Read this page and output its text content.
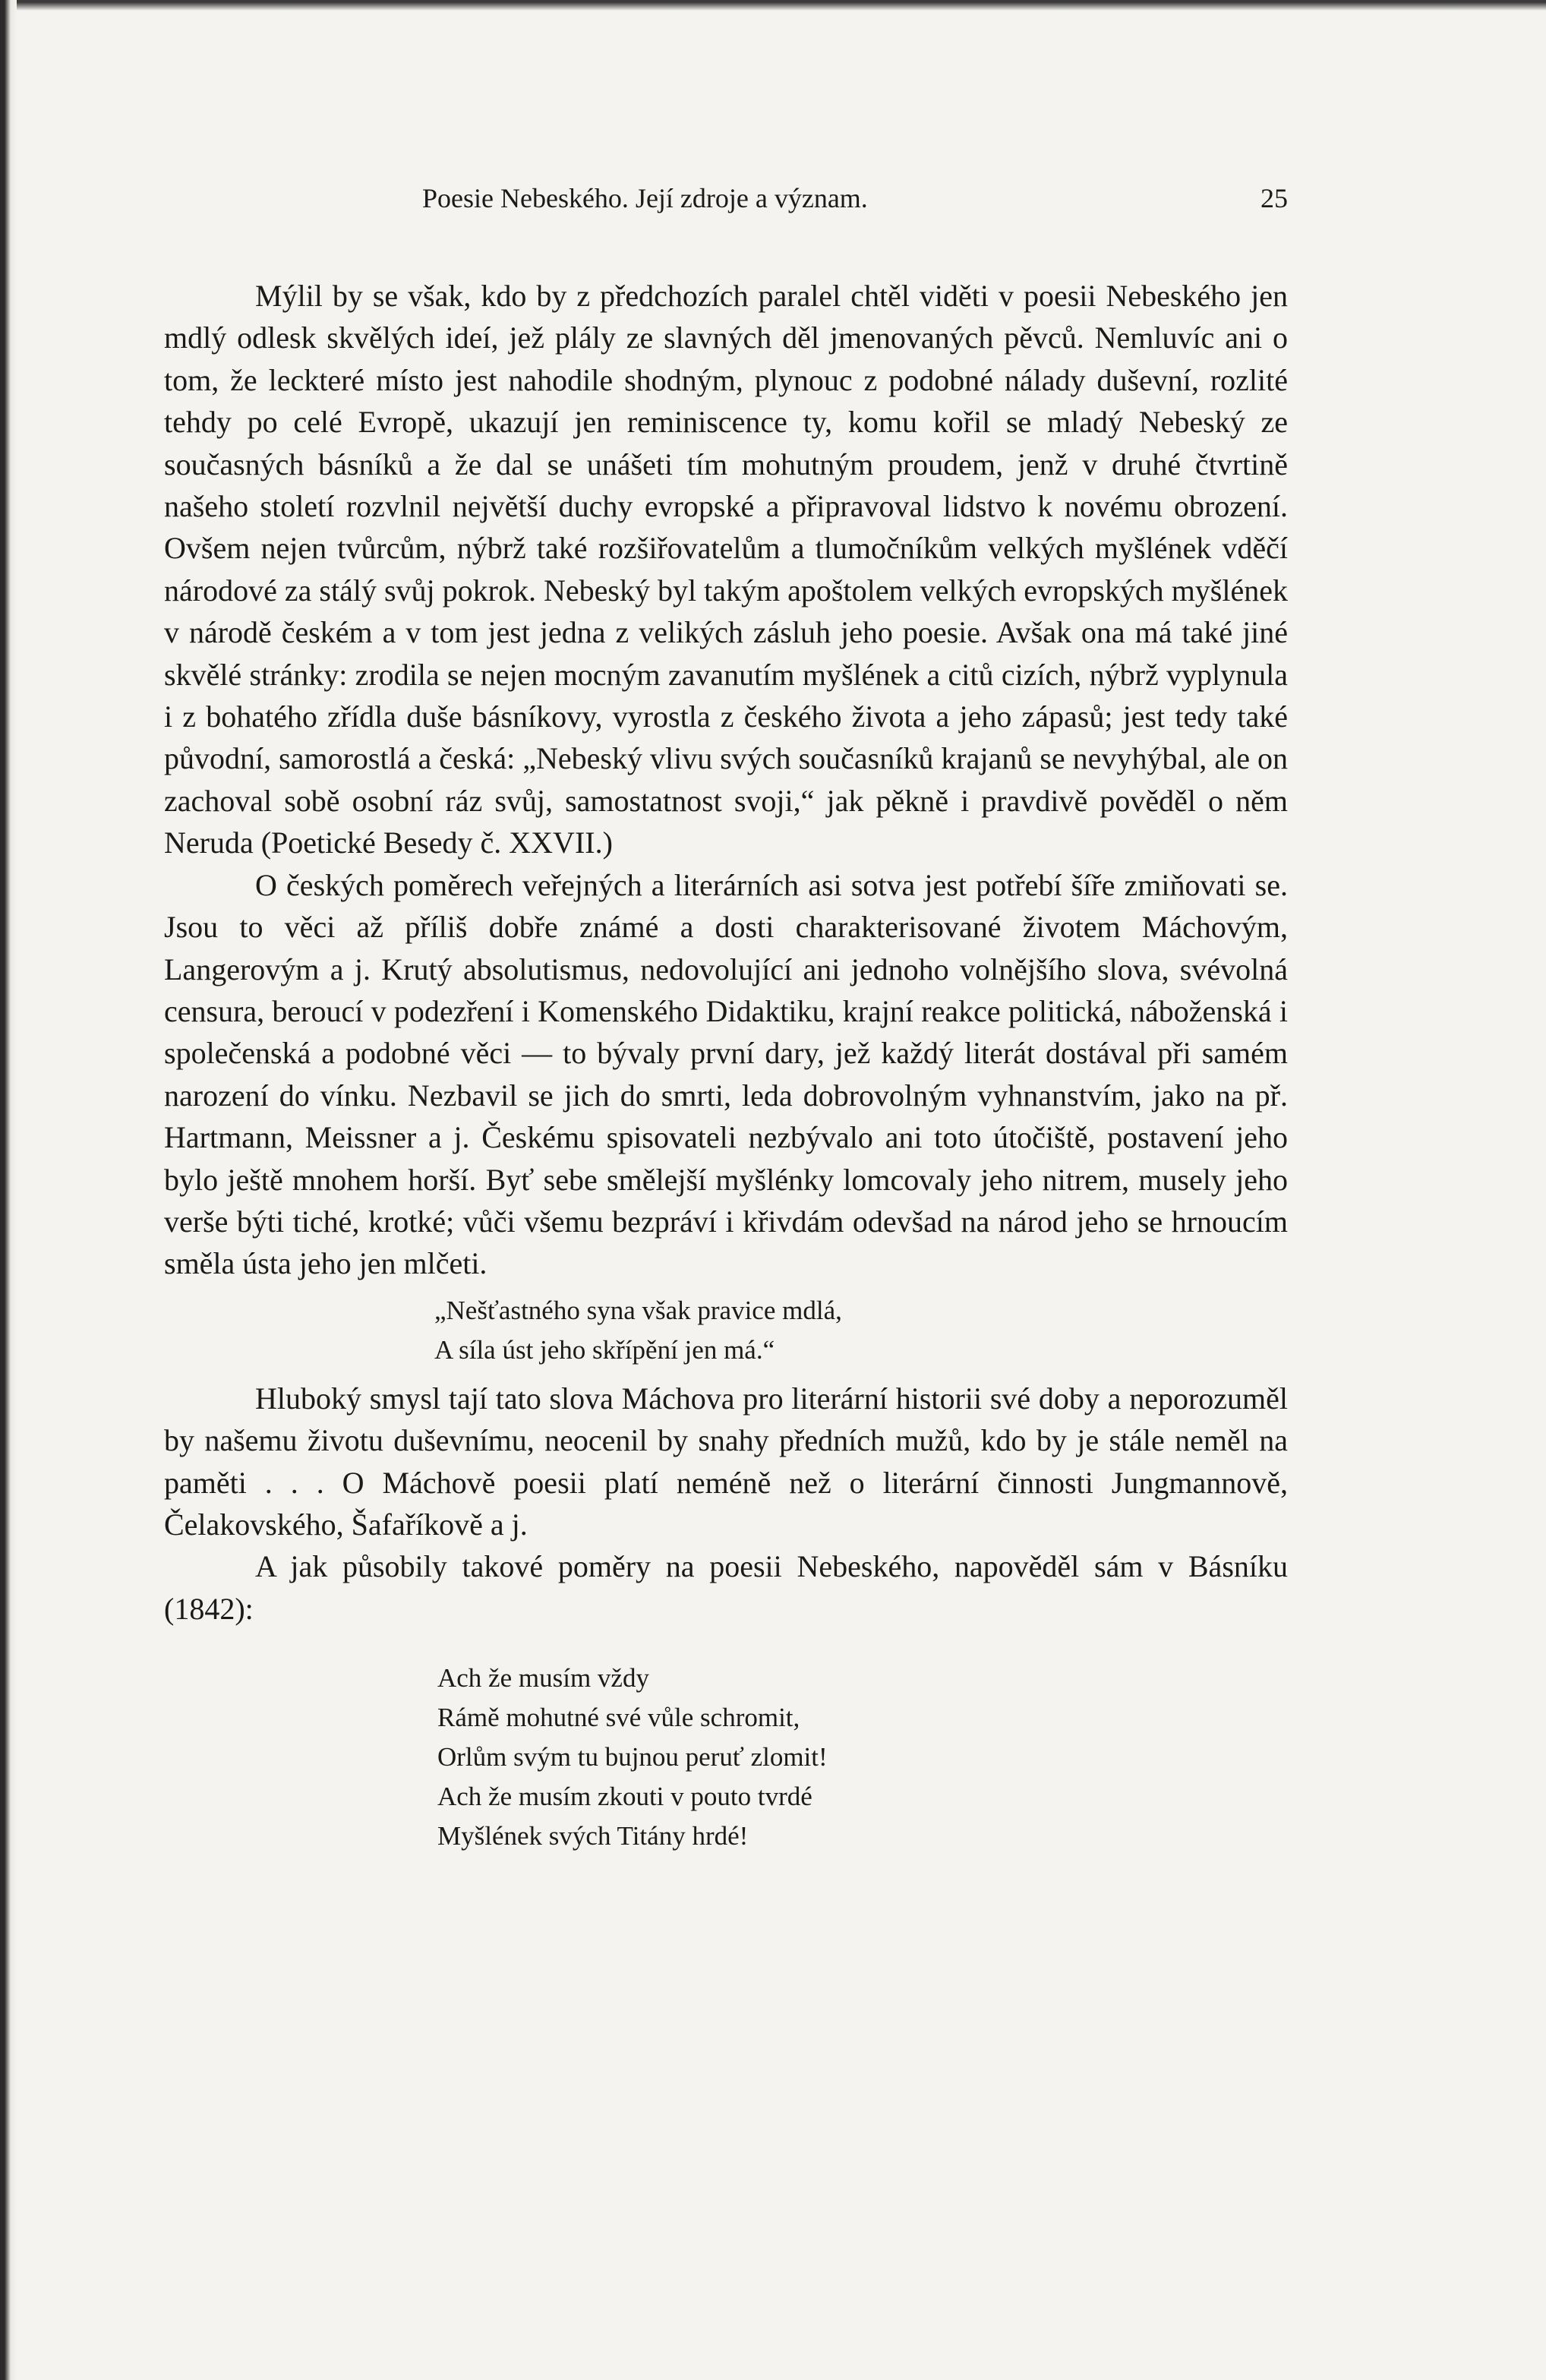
Poesie Nebeského. Její zdroje a význam.	25

Mýlil by se však, kdo by z předchozích paralel chtěl viděti v poesii Nebeského jen mdlý odlesk skvělých ideí, jež plály ze slavných děl jmenovaných pěvců. Nemluvíc ani o tom, že leckteré místo jest nahodile shodným, plynouc z podobné nálady duševní, rozlité tehdy po celé Evropě, ukazují jen reminiscence ty, komu kořil se mladý Nebeský ze současných básníků a že dal se unášeti tím mohutným proudem, jenž v druhé čtvrtině našeho století rozvlnil největší duchy evropské a připravoval lidstvo k novému obrození. Ovšem nejen tvůrcům, nýbrž také rozšiřovatelům a tlumočníkům velkých myšlének vděčí národové za stálý svůj pokrok. Nebeský byl takým apoštolem velkých evropských myšlének v národě českém a v tom jest jedna z velikých zásluh jeho poesie. Avšak ona má také jiné skvělé stránky: zrodila se nejen mocným zavanutím myšlének a citů cizích, nýbrž vyplynula i z bohatého zřídla duše básníkovy, vyrostla z českého života a jeho zápasů; jest tedy také původní, samorostlá a česká: „Nebeský vlivu svých současníků krajanů se nevyhýbal, ale on zachoval sobě osobní ráz svůj, samostatnost svoji,“ jak pěkně i pravdivě pověděl o něm Neruda (Poetické Besedy č. XXVII.)

O českých poměrech veřejných a literárních asi sotva jest potřebí šíře zmiňovati se. Jsou to věci až příliš dobře známé a dosti charakterisované životem Máchovým, Langerovým a j. Krutý absolutismus, nedovolující ani jednoho volnějšího slova, svévolná censura, beroucí v podezření i Komenského Didaktiku, krajní reakce politická, náboženská i společenská a podobné věci — to bývaly první dary, jež každý literát dostával při samém narození do vínku. Nezbavil se jich do smrti, leda dobrovolným vyhnanstvím, jako na př. Hartmann, Meissner a j. Českému spisovateli nezbývalo ani toto útočiště, postavení jeho bylo ještě mnohem horší. Byť sebe smělejší myšlénky lomcovaly jeho nitrem, musely jeho verše býti tiché, krotké; vůči všemu bezpráví i křivdám odevšad na národ jeho se hrnoucím směla ústa jeho jen mlčeti.

„Nešťastného syna však pravice mdlá,
A síla úst jeho skřípění jen má.“

Hluboký smysl tají tato slova Máchova pro literární historii své doby a neporozuměl by našemu životu duševnímu, neocenil by snahy předních mužů, kdo by je stále neměl na paměti . . . O Máchově poesii platí neméně než o literární činnosti Jungmannově, Čelakovského, Šafaříkově a j.

A jak působily takové poměry na poesii Nebeského, napověděl sám v Básníku (1842):

Ach že musím vždy
Rámě mohutné své vůle schromit,
Orlům svým tu bujnou peruť zlomit!
Ach že musím zkouti v pouto tvrdé
Myšlének svých Titány hrdé!
